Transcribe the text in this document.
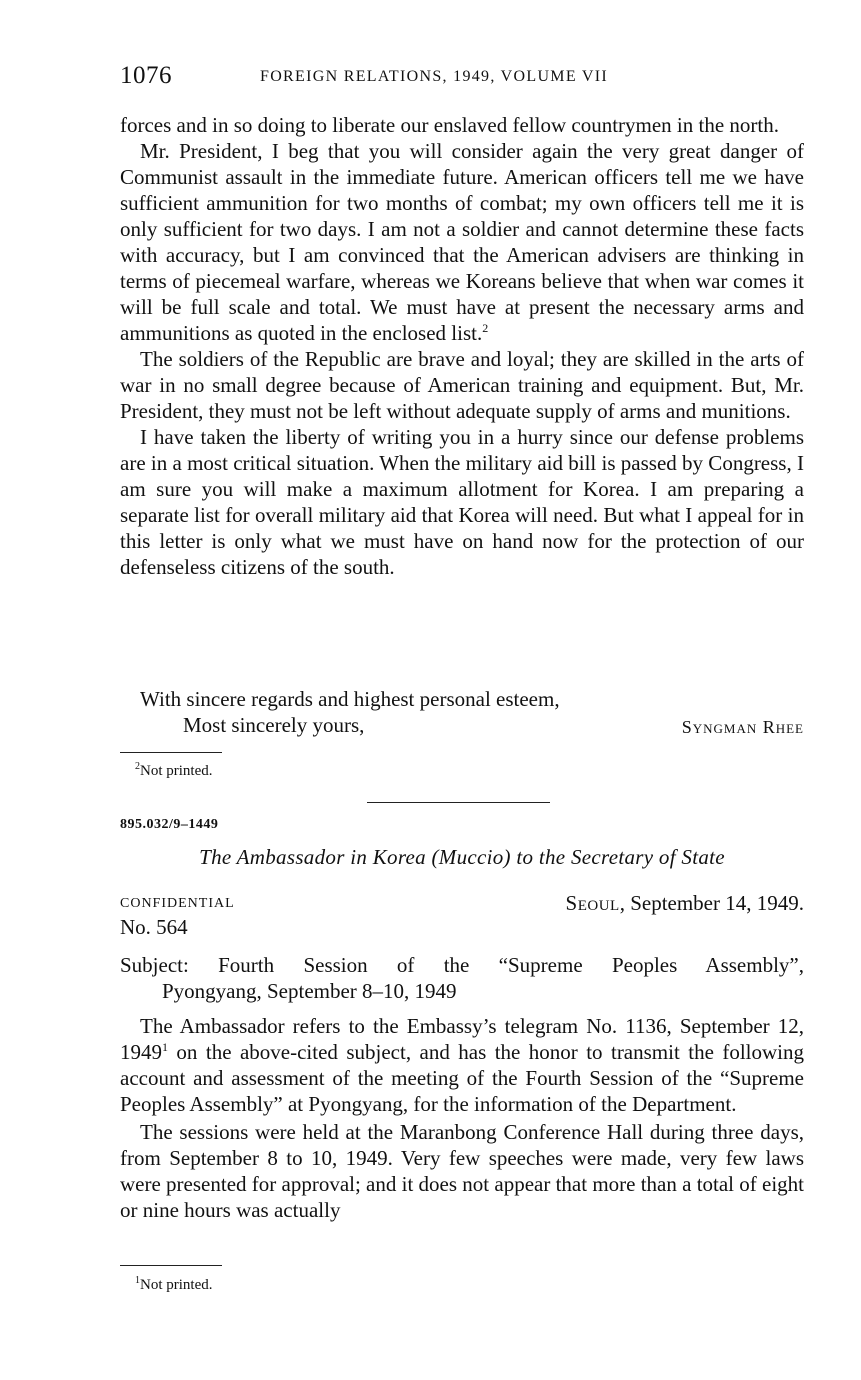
1076	FOREIGN RELATIONS, 1949, VOLUME VII

forces and in so doing to liberate our enslaved fellow countrymen in the north.

Mr. President, I beg that you will consider again the very great danger of Communist assault in the immediate future. American officers tell me we have sufficient ammunition for two months of combat; my own officers tell me it is only sufficient for two days. I am not a soldier and cannot determine these facts with accuracy, but I am convinced that the American advisers are thinking in terms of piecemeal warfare, whereas we Koreans believe that when war comes it will be full scale and total. We must have at present the necessary arms and ammunitions as quoted in the enclosed list.$^2$

The soldiers of the Republic are brave and loyal; they are skilled in the arts of war in no small degree because of American training and equipment. But, Mr. President, they must not be left without adequate supply of arms and munitions.

I have taken the liberty of writing you in a hurry since our defense problems are in a most critical situation. When the military aid bill is passed by Congress, I am sure you will make a maximum allotment for Korea. I am preparing a separate list for overall military aid that Korea will need. But what I appeal for in this letter is only what we must have on hand now for the protection of our defenseless citizens of the south.

With sincere regards and highest personal esteem,
Most sincerely yours,	Syngman Rhee
$^2$Not printed.
895.032/9–1449
The Ambassador in Korea (Muccio) to the Secretary of State
CONFIDENTIAL	Seoul, September 14, 1949.
No. 564
Subject: Fourth Session of the “Supreme Peoples Assembly”,
Pyongyang, September 8–10, 1949

The Ambassador refers to the Embassy’s telegram No. 1136, September 12, 1949$^1$ on the above-cited subject, and has the honor to transmit the following account and assessment of the meeting of the Fourth Session of the “Supreme Peoples Assembly” at Pyongyang, for the information of the Department.

The sessions were held at the Maranbong Conference Hall during three days, from September 8 to 10, 1949. Very few speeches were made, very few laws were presented for approval; and it does not appear that more than a total of eight or nine hours was actually

$^1$Not printed.
